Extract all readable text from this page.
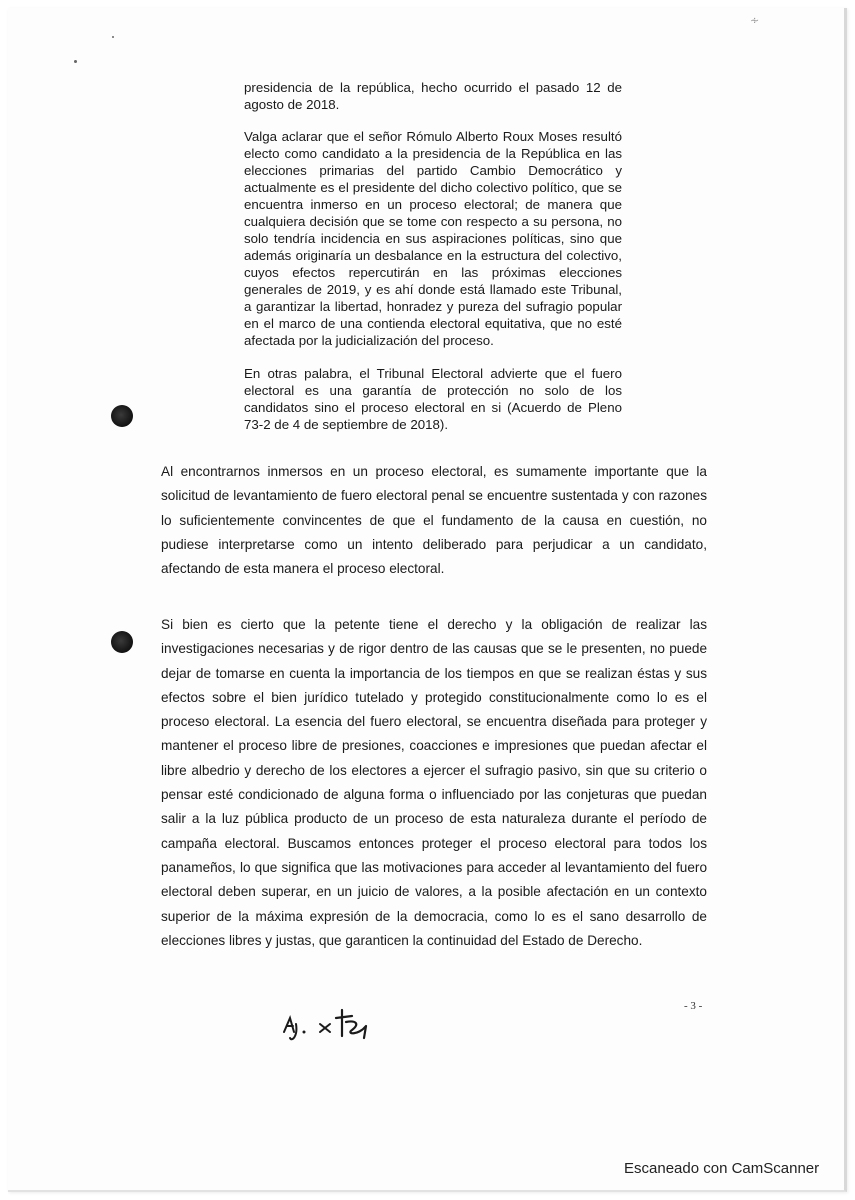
∻

presidencia de la república, hecho ocurrido el pasado 12 de agosto de 2018.

Valga aclarar que el señor Rómulo Alberto Roux Moses resultó electo como candidato a la presidencia de la República en las elecciones primarias del partido Cambio Democrático y actualmente es el presidente del dicho colectivo político, que se encuentra inmerso en un proceso electoral; de manera que cualquiera decisión que se tome con respecto a su persona, no solo tendría incidencia en sus aspiraciones políticas, sino que además originaría un desbalance en la estructura del colectivo, cuyos efectos repercutirán en las próximas elecciones generales de 2019, y es ahí donde está llamado este Tribunal, a garantizar la libertad, honradez y pureza del sufragio popular en el marco de una contienda electoral equitativa, que no esté afectada por la judicialización del proceso.

En otras palabra, el Tribunal Electoral advierte que el fuero electoral es una garantía de protección no solo de los candidatos sino el proceso electoral en si (Acuerdo de Pleno 73-2 de 4 de septiembre de 2018).

Al encontrarnos inmersos en un proceso electoral, es sumamente importante que la solicitud de levantamiento de fuero electoral penal se encuentre sustentada y con razones lo suficientemente convincentes de que el fundamento de la causa en cuestión, no pudiese interpretarse como un intento deliberado para perjudicar a un candidato, afectando de esta manera el proceso electoral.

Si bien es cierto que la petente tiene el derecho y la obligación de realizar las investigaciones necesarias y de rigor dentro de las causas que se le presenten, no puede dejar de tomarse en cuenta la importancia de los tiempos en que se realizan éstas y sus efectos sobre el bien jurídico tutelado y protegido constitucionalmente como lo es el proceso electoral. La esencia del fuero electoral, se encuentra diseñada para proteger y mantener el proceso libre de presiones, coacciones e impresiones que puedan afectar el libre albedrio y derecho de los electores a ejercer el sufragio pasivo, sin que su criterio o pensar esté condicionado de alguna forma o influenciado por las conjeturas que puedan salir a la luz pública producto de un proceso de esta naturaleza durante el período de campaña electoral. Buscamos entonces proteger el proceso electoral para todos los panameños, lo que significa que las motivaciones para acceder al levantamiento del fuero electoral deben superar, en un juicio de valores, a la posible afectación en un contexto superior de la máxima expresión de la democracia, como lo es el sano desarrollo de elecciones libres y justas, que garanticen la continuidad del Estado de Derecho.

- 3 -
Escaneado con CamScanner
